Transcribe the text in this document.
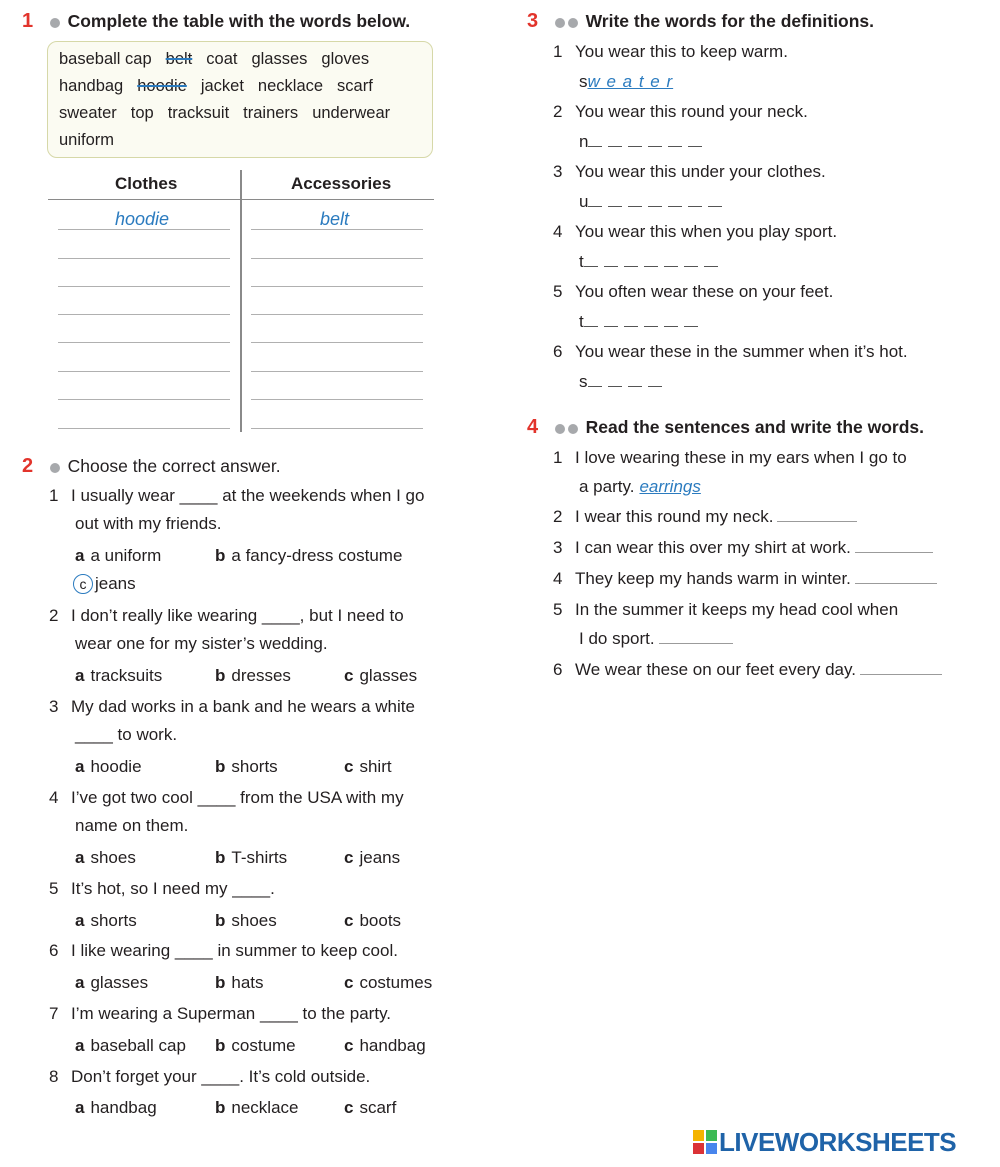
1 Complete the table with the words below.
baseball cap belt coat glasses gloves
handbag hoodie jacket necklace scarf
sweater top tracksuit trainers underwear
uniform
Clothes	Accessories
hoodie	belt
2 Choose the correct answer.
1 I usually wear ____ at the weekends when I go
out with my friends.
a a uniform	b a fancy-dress costume
c jeans
2 I don’t really like wearing ____, but I need to
wear one for my sister’s wedding.
a tracksuits	b dresses	c glasses
3 My dad works in a bank and he wears a white
____ to work.
a hoodie	b shorts	c shirt
4 I’ve got two cool ____ from the USA with my
name on them.
a shoes	b T-shirts	c jeans
5 It’s hot, so I need my ____.
a shorts	b shoes	c boots
6 I like wearing ____ in summer to keep cool.
a glasses	b hats	c costumes
7 I’m wearing a Superman ____ to the party.
a baseball cap b costume	c handbag
8 Don’t forget your ____. It’s cold outside.
a handbag	b necklace	c scarf
3	Write the words for the definitions.
1 You wear this to keep warm.
sw e a t e r
2 You wear this round your neck.
n
3 You wear this under your clothes.
u
4 You wear this when you play sport.
t
5 You often wear these on your feet.
t
6 You wear these in the summer when it’s hot.
s
4	Read the sentences and write the words.
1 I love wearing these in my ears when I go to
a party. earrings
2 I wear this round my neck.
3 I can wear this over my shirt at work.
4 They keep my hands warm in winter.
5 In the summer it keeps my head cool when
I do sport.
6 We wear these on our feet every day.
LIVEWORKSHEETS
